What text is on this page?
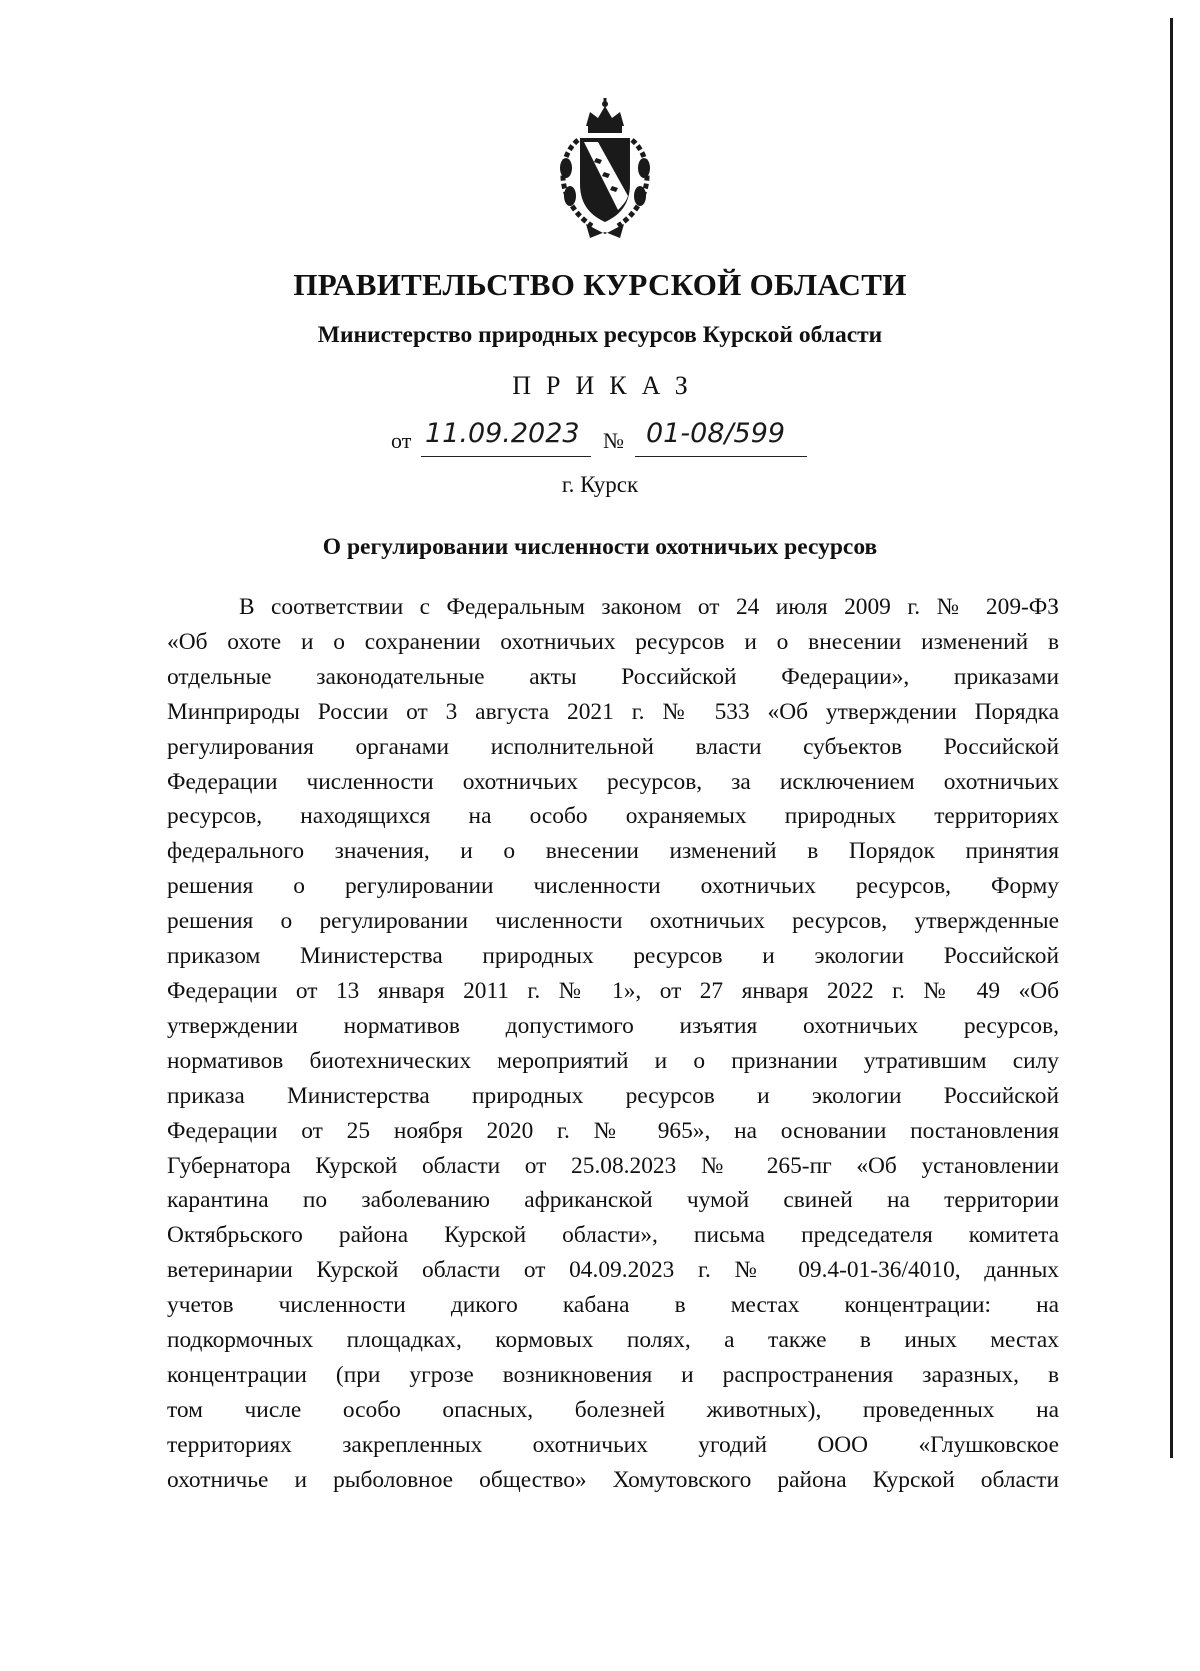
ПРАВИТЕЛЬСТВО КУРСКОЙ ОБЛАСТИ
Министерство природных ресурсов Курской области
ПРИКАЗ
от 11.09.2023 № 01-08/599
г. Курск
О регулировании численности охотничьих ресурсов
В соответствии с Федеральным законом от 24 июля 2009 г. № 209-ФЗ
«Об охоте и о сохранении охотничьих ресурсов и о внесении изменений в
отдельные законодательные акты Российской Федерации», приказами
Минприроды России от 3 августа 2021 г. № 533 «Об утверждении Порядка
регулирования органами исполнительной власти субъектов Российской
Федерации численности охотничьих ресурсов, за исключением охотничьих
ресурсов, находящихся на особо охраняемых природных территориях
федерального значения, и о внесении изменений в Порядок принятия
решения о регулировании численности охотничьих ресурсов, Форму
решения о регулировании численности охотничьих ресурсов, утвержденные
приказом Министерства природных ресурсов и экологии Российской
Федерации от 13 января 2011 г. № 1», от 27 января 2022 г. № 49 «Об
утверждении нормативов допустимого изъятия охотничьих ресурсов,
нормативов биотехнических мероприятий и о признании утратившим силу
приказа Министерства природных ресурсов и экологии Российской
Федерации от 25 ноября 2020 г. № 965», на основании постановления
Губернатора Курской области от 25.08.2023 № 265-пг «Об установлении
карантина по заболеванию африканской чумой свиней на территории
Октябрьского района Курской области», письма председателя комитета
ветеринарии Курской области от 04.09.2023 г. № 09.4-01-36/4010, данных
учетов численности дикого кабана в местах концентрации: на
подкормочных площадках, кормовых полях, а также в иных местах
концентрации (при угрозе возникновения и распространения заразных, в
том числе особо опасных, болезней животных), проведенных на
территориях закрепленных охотничьих угодий ООО «Глушковское
охотничье и рыболовное общество» Хомутовского района Курской области
